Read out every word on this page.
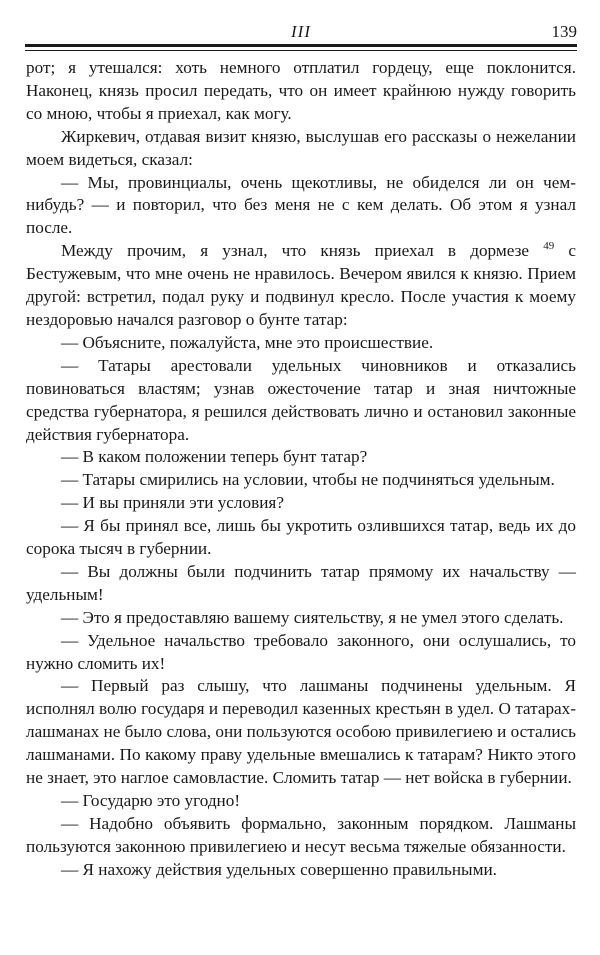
III	139

рот; я утешался: хоть немного отплатил гордецу, еще поклонится. Наконец, князь просил передать, что он имеет крайнюю нужду говорить со мною, чтобы я приехал, как могу.

Жиркевич, отдавая визит князю, выслушав его рассказы о нежелании моем видеться, сказал:

— Мы, провинциалы, очень щекотливы, не обиделся ли он чем-нибудь? — и повторил, что без меня не с кем делать. Об этом я узнал после.

Между прочим, я узнал, что князь приехал в дормезе $^{49}$ с Бестужевым, что мне очень не нравилось. Вечером явился к князю. Прием другой: встретил, подал руку и подвинул кресло. После участия к моему нездоровью начался разговор о бунте татар:

— Объясните, пожалуйста, мне это происшествие.

— Татары арестовали удельных чиновников и отказались повиноваться властям; узнав ожесточение татар и зная ничтожные средства губернатора, я решился действовать лично и остановил законные действия губернатора.

— В каком положении теперь бунт татар?

— Татары смирились на условии, чтобы не подчиняться удельным.

— И вы приняли эти условия?

— Я бы принял все, лишь бы укротить озлившихся татар, ведь их до сорока тысяч в губернии.

— Вы должны были подчинить татар прямому их начальству — удельным!

— Это я предоставляю вашему сиятельству, я не умел этого сделать.

— Удельное начальство требовало законного, они ослушались, то нужно сломить их!

— Первый раз слышу, что лашманы подчинены удельным. Я исполнял волю государя и переводил казенных крестьян в удел. О татарах-лашманах не было слова, они пользуются особою привилегиею и остались лашманами. По какому праву удельные вмешались к татарам? Никто этого не знает, это наглое самовластие. Сломить татар — нет войска в губернии.

— Государю это угодно!

— Надобно объявить формально, законным порядком. Лашманы пользуются законною привилегиею и несут весьма тяжелые обязанности.

— Я нахожу действия удельных совершенно правильными.
